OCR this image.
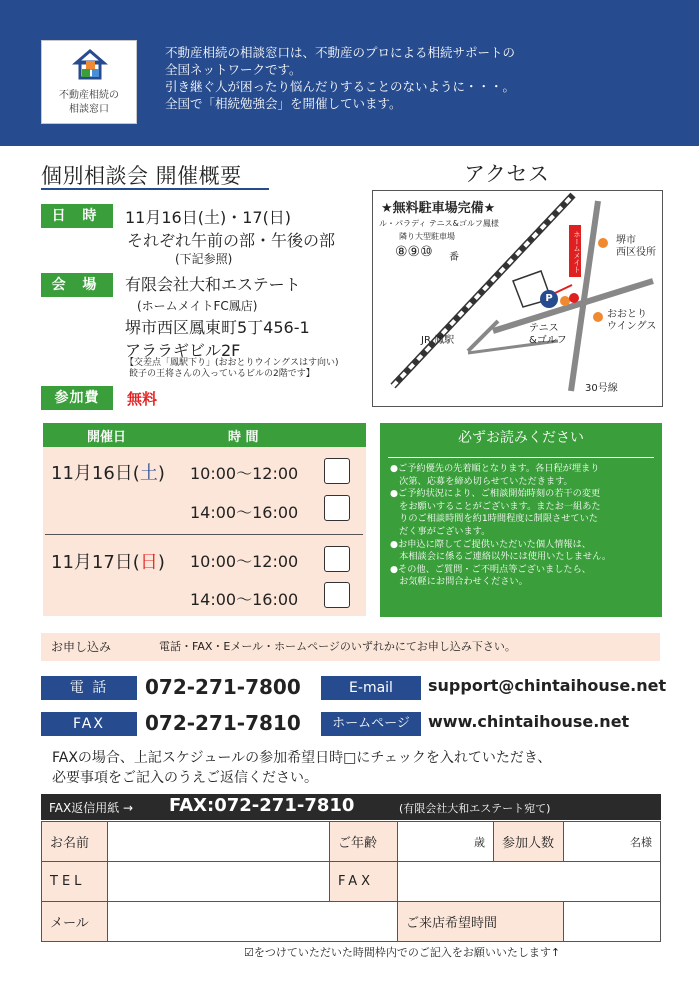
不動産相続の
相談窓口
不動産相続の相談窓口は、不動産のプロによる相続サポートの
全国ネットワークです。
引き継ぐ人が困ったり悩んだりすることのないように・・・。
全国で「相続勉強会」を開催しています。
個別相談会 開催概要
日 時	11月16日(土)・17(日)
それぞれ午前の部・午後の部
(下記参照)
会 場	有限会社大和エステート
(ホームメイトFC鳳店)
堺市西区鳳東町5丁456-1
アララギビル2F
【交差点「鳳駅下り」(おおとりウイングスはす向い)
餃子の王将さんの入っているビルの2階です】
参加費	無料
アクセス
★無料駐車場完備★
ル・パラディ テニス&ゴルフ鳳様
隣り大型駐車場
⑧⑨⑩ 番	ホームメイト	堺市
西区役所
おおとり
ウイングス
P
テニス
&ゴルフ
JR 鳳駅
30号線
開催日	時 間
11月16日(土) 10:00〜12:00
14:00〜16:00
11月17日(日) 10:00〜12:00
14:00〜16:00
必ずお読みください
●ご予約優先の先着順となります。各日程が埋まり
　次第、応募を締め切らせていただきます。
●ご予約状況により、ご相談開始時刻の若干の変更
　をお願いすることがございます。またお一組あた
　りのご相談時間を約1時間程度に制限させていた
　だく事がございます。
●お申込に際してご提供いただいた個人情報は、
　本相談会に係るご連絡以外には使用いたしません。
●その他、ご質問・ご不明点等ございましたら、
　お気軽にお問合わせください。
お申し込み	電話・FAX・Eメール・ホームページのいずれかにてお申し込み下さい。
電 話	072-271-7800	E-mail	support@chintaihouse.net
FAX	072-271-7810	ホームページ	www.chintaihouse.net
FAXの場合、上記スケジュールの参加希望日時□にチェックを入れていただき、
必要事項をご記入のうえご返信ください。
FAX返信用紙 → FAX:072-271-7810	(有限会社大和エステート宛て)
お名前		ご年齢	歳	参加人数	名様
TEL		FAX			
メール			ご来店希望時間		
☑をつけていただいた時間枠内でのご記入をお願いいたします↑
